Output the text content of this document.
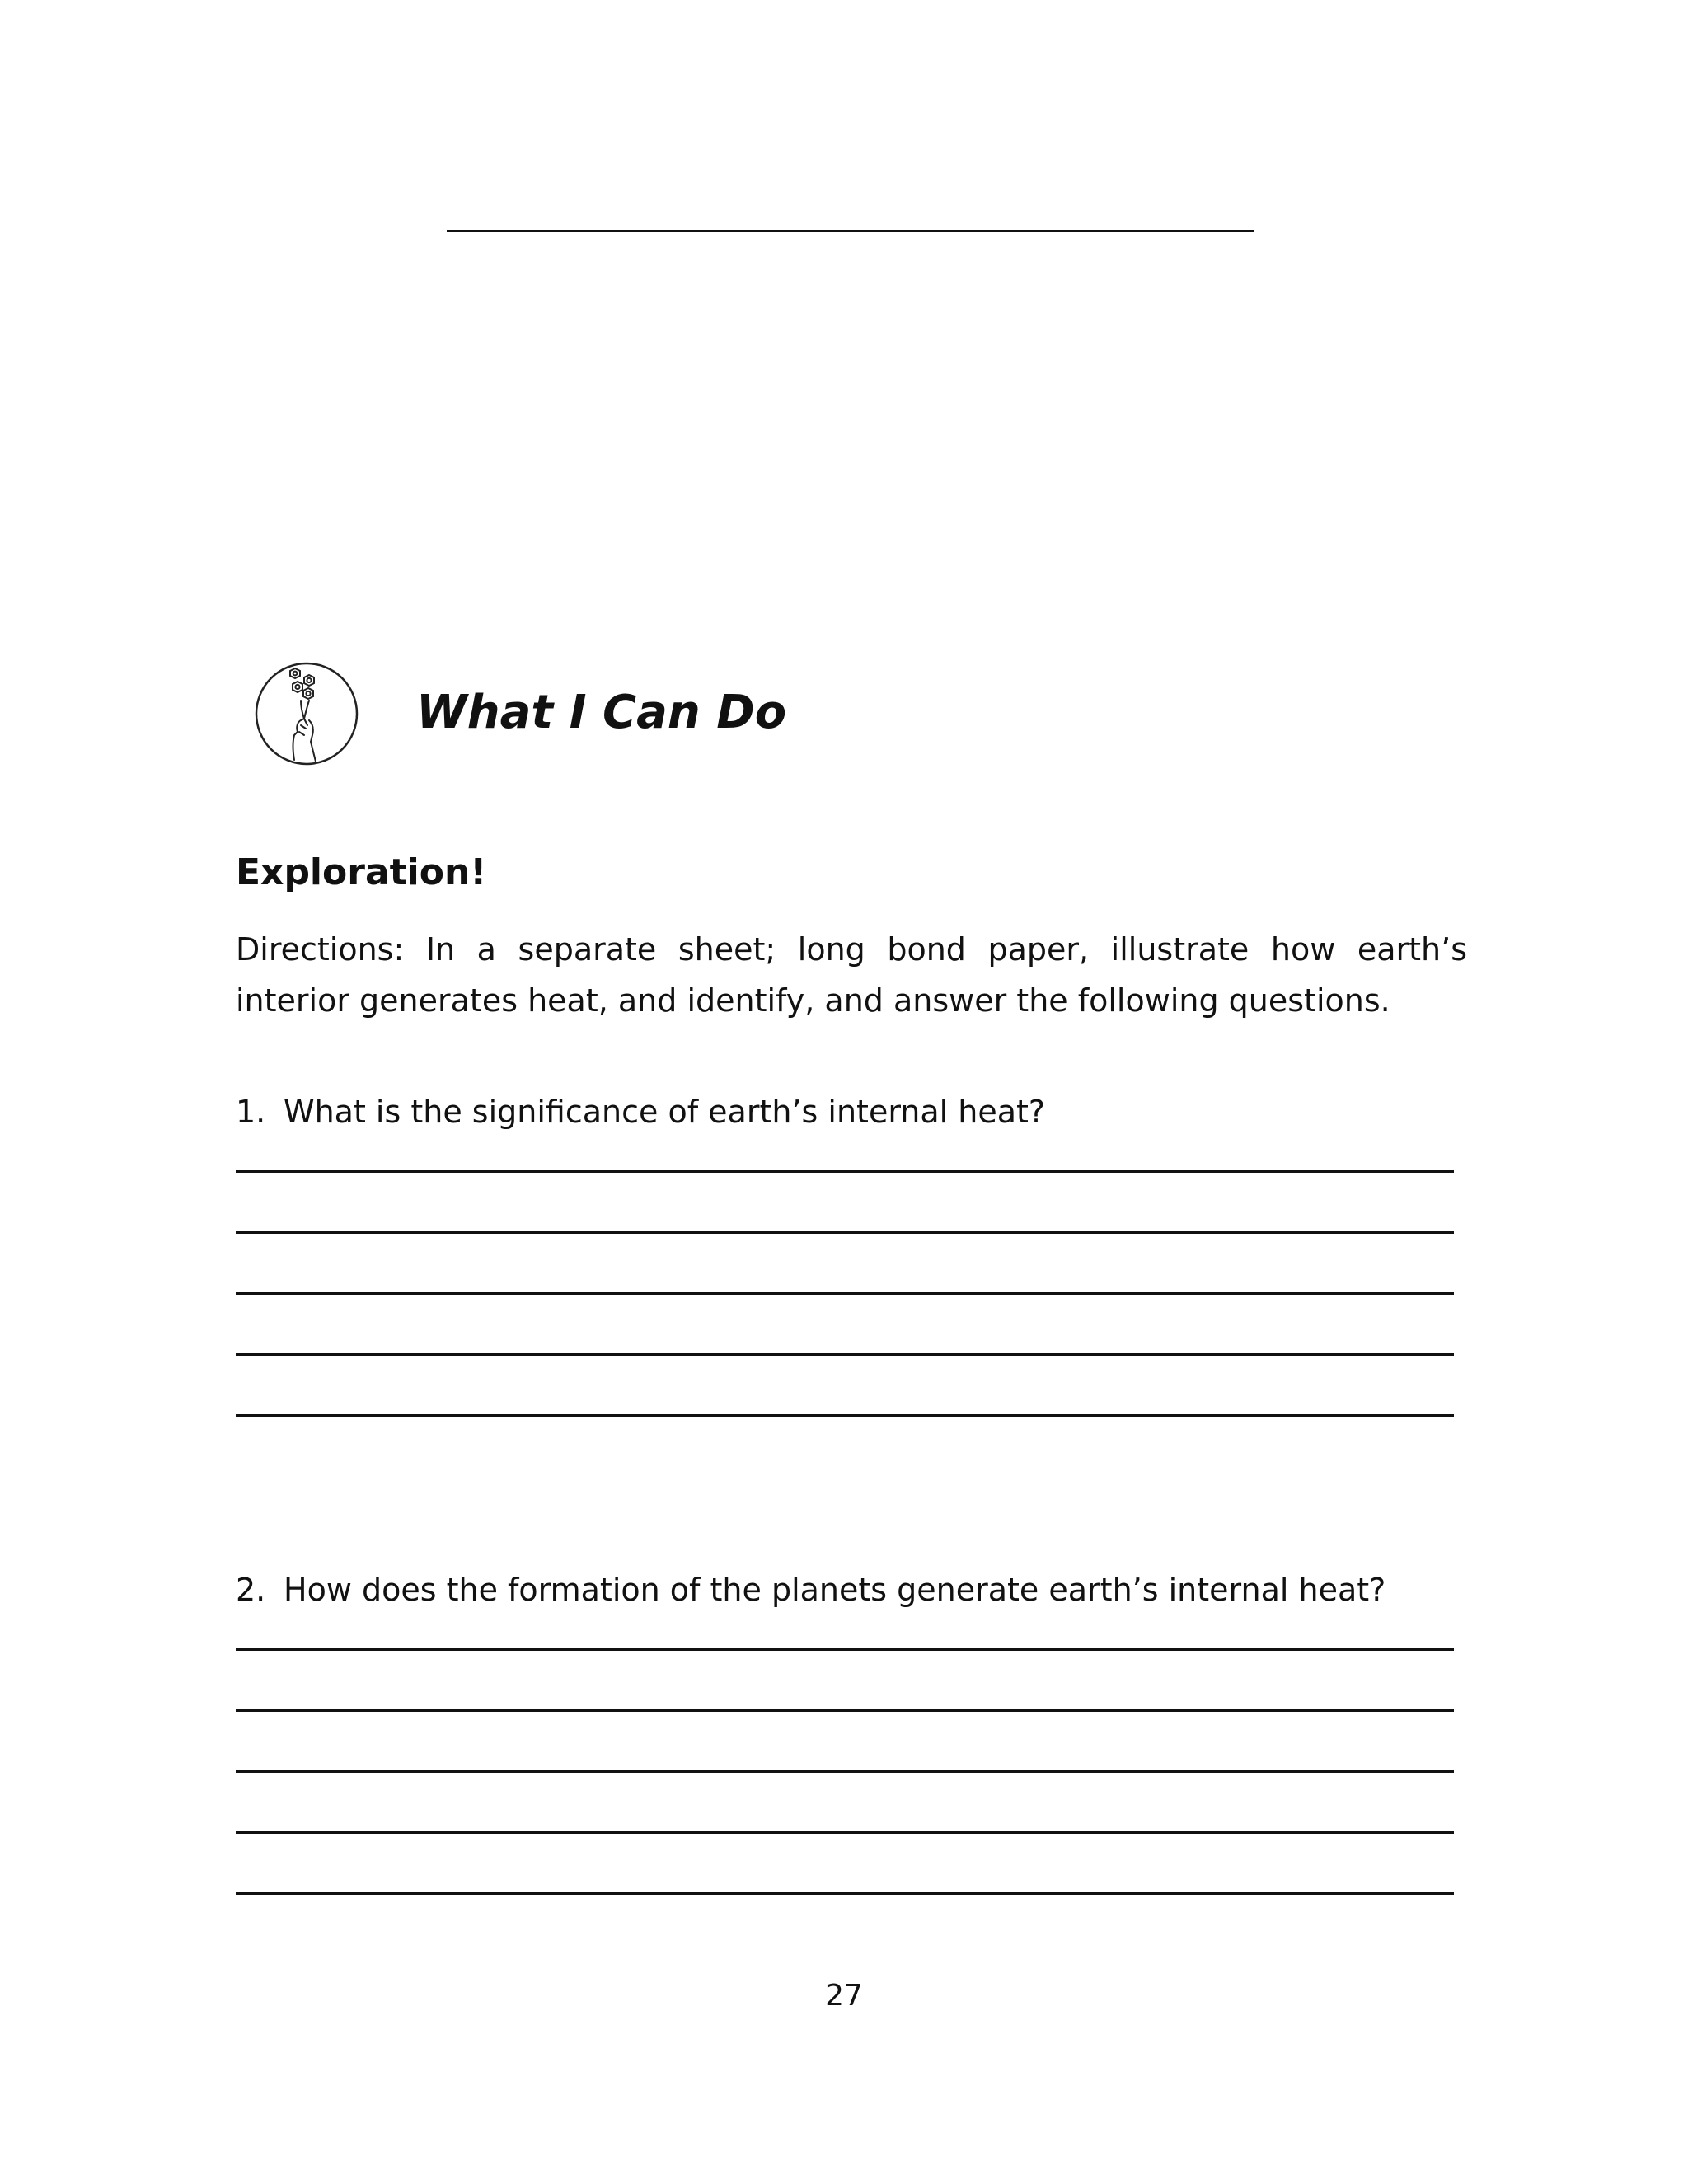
What I Can Do
Exploration!
Directions: In a separate sheet; long bond paper, illustrate how earth’s interior generates heat, and identify, and answer the following questions.
1. What is the significance of earth’s internal heat?
2. How does the formation of the planets generate earth’s internal heat?
27
